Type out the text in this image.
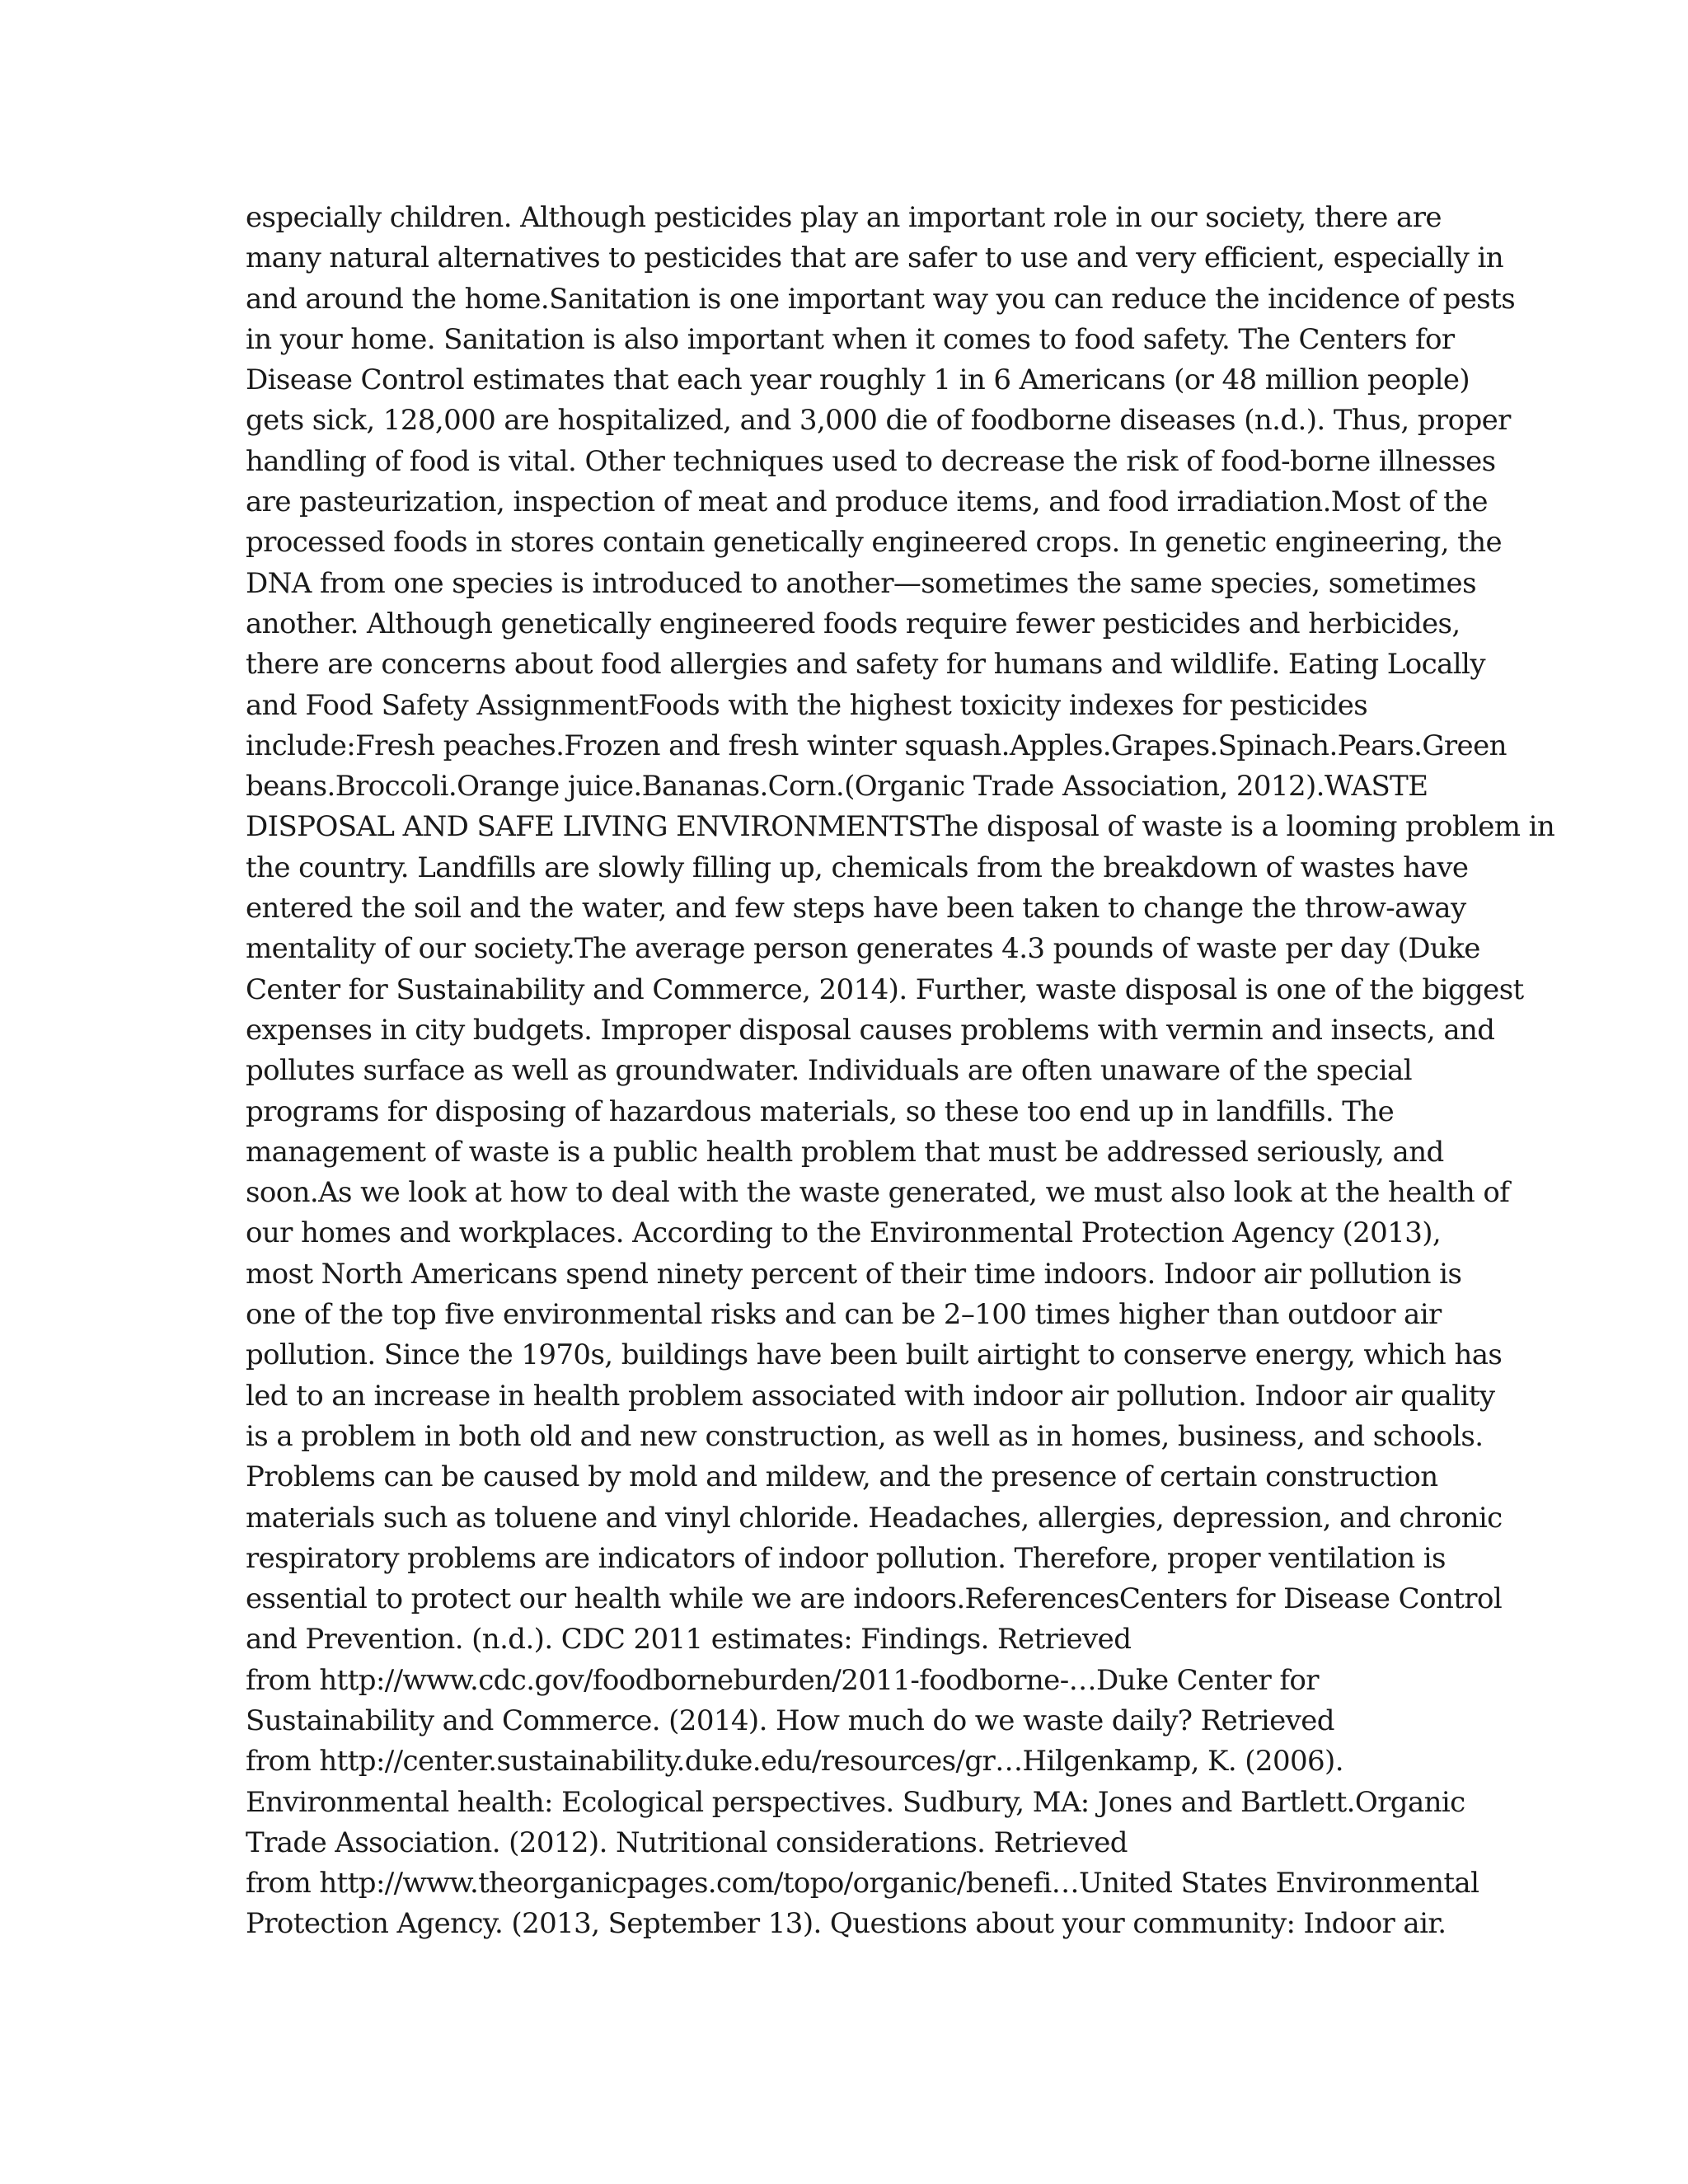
especially children. Although pesticides play an important role in our society, there are
many natural alternatives to pesticides that are safer to use and very efficient, especially in
and around the home.Sanitation is one important way you can reduce the incidence of pests
in your home. Sanitation is also important when it comes to food safety. The Centers for
Disease Control estimates that each year roughly 1 in 6 Americans (or 48 million people)
gets sick, 128,000 are hospitalized, and 3,000 die of foodborne diseases (n.d.). Thus, proper
handling of food is vital. Other techniques used to decrease the risk of food-borne illnesses
are pasteurization, inspection of meat and produce items, and food irradiation.Most of the
processed foods in stores contain genetically engineered crops. In genetic engineering, the
DNA from one species is introduced to another—sometimes the same species, sometimes
another. Although genetically engineered foods require fewer pesticides and herbicides,
there are concerns about food allergies and safety for humans and wildlife. Eating Locally
and Food Safety AssignmentFoods with the highest toxicity indexes for pesticides
include:Fresh peaches.Frozen and fresh winter squash.Apples.Grapes.Spinach.Pears.Green
beans.Broccoli.Orange juice.Bananas.Corn.(Organic Trade Association, 2012).WASTE
DISPOSAL AND SAFE LIVING ENVIRONMENTSThe disposal of waste is a looming problem in
the country. Landfills are slowly filling up, chemicals from the breakdown of wastes have
entered the soil and the water, and few steps have been taken to change the throw-away
mentality of our society.The average person generates 4.3 pounds of waste per day (Duke
Center for Sustainability and Commerce, 2014). Further, waste disposal is one of the biggest
expenses in city budgets. Improper disposal causes problems with vermin and insects, and
pollutes surface as well as groundwater. Individuals are often unaware of the special
programs for disposing of hazardous materials, so these too end up in landfills. The
management of waste is a public health problem that must be addressed seriously, and
soon.As we look at how to deal with the waste generated, we must also look at the health of
our homes and workplaces. According to the Environmental Protection Agency (2013),
most North Americans spend ninety percent of their time indoors. Indoor air pollution is
one of the top five environmental risks and can be 2–100 times higher than outdoor air
pollution. Since the 1970s, buildings have been built airtight to conserve energy, which has
led to an increase in health problem associated with indoor air pollution. Indoor air quality
is a problem in both old and new construction, as well as in homes, business, and schools.
Problems can be caused by mold and mildew, and the presence of certain construction
materials such as toluene and vinyl chloride. Headaches, allergies, depression, and chronic
respiratory problems are indicators of indoor pollution. Therefore, proper ventilation is
essential to protect our health while we are indoors.ReferencesCenters for Disease Control
and Prevention. (n.d.). CDC 2011 estimates: Findings. Retrieved
from http://www.cdc.gov/foodborneburden/2011-foodborne-…Duke Center for
Sustainability and Commerce. (2014). How much do we waste daily? Retrieved
from http://center.sustainability.duke.edu/resources/gr…Hilgenkamp, K. (2006).
Environmental health: Ecological perspectives. Sudbury, MA: Jones and Bartlett.Organic
Trade Association. (2012). Nutritional considerations. Retrieved
from http://www.theorganicpages.com/topo/organic/benefi…United States Environmental
Protection Agency. (2013, September 13). Questions about your community: Indoor air.
